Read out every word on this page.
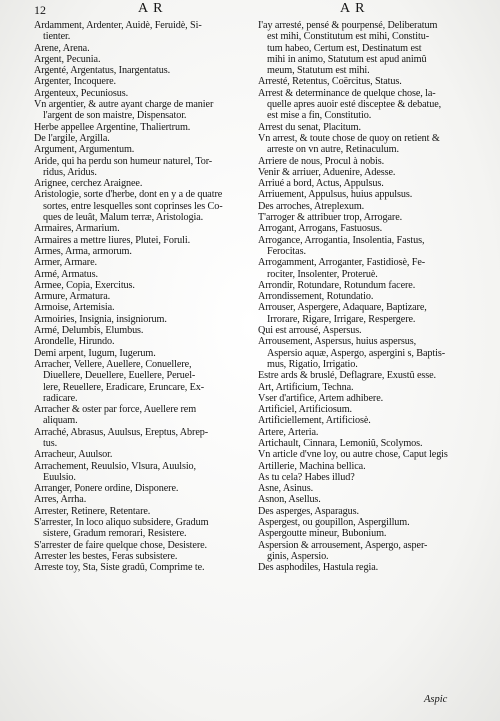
12	AR	AR
Ardamment, Ardenter, Auidè, Feruidè, Si-
tienter.
Arene, Arena.
Argent, Pecunia.
Argenté, Argentatus, Inargentatus.
Argenter, Incoquere.
Argenteux, Pecuniosus.
Vn argentier, & autre ayant charge de manier
l'argent de son maistre, Dispensator.
Herbe appellee Argentine, Thaliertrum.
De l'argile, Argilla.
Argument, Argumentum.
Aride, qui ha perdu son humeur naturel, Tor-
ridus, Aridus.
Arignee, cerchez Araignee.
Aristologie, sorte d'herbe, dont en y a de quatre
sortes, entre lesquelles sont coprinses les Co-
ques de leuât, Malum terræ, Aristologia.
Armaires, Armarium.
Armaires a mettre liures, Plutei, Foruli.
Armes, Arma, armorum.
Armer, Armare.
Armé, Armatus.
Armee, Copia, Exercitus.
Armure, Armatura.
Armoise, Artemisia.
Armoiries, Insignia, insigniorum.
Armé, Delumbis, Elumbus.
Arondelle, Hirundo.
Demi arpent, Iugum, Iugerum.
Arracher, Vellere, Auellere, Conuellere,
Diuellere, Deuellere, Euellere, Peruel-
lere, Reuellere, Eradicare, Eruncare, Ex-
radicare.
Arracher & oster par force, Auellere rem
aliquam.
Arraché, Abrasus, Auulsus, Ereptus, Abrep-
tus.
Arracheur, Auulsor.
Arrachement, Reuulsio, Vlsura, Auulsio,
Euulsio.
Arranger, Ponere ordine, Disponere.
Arres, Arrha.
Arrester, Retinere, Retentare.
S'arrester, In loco aliquo subsidere, Gradum
sistere, Gradum remorari, Resistere.
S'arrester de faire quelque chose, Desistere.
Arrester les bestes, Feras subsistere.
Arreste toy, Sta, Siste gradû, Comprime te.
I'ay arresté, pensé & pourpensé, Deliberatum
est mihi, Constitutum est mihi, Constitu-
tum habeo, Certum est, Destinatum est
mihi in animo, Statutum est apud animû
meum, Statutum est mihi.
Arresté, Retentus, Coërcitus, Status.
Arrest & determinance de quelque chose, la-
quelle apres auoir esté disceptee & debatue,
est mise a fin, Constitutio.
Arrest du senat, Placitum.
Vn arrest, & toute chose de quoy on retient &
arreste on vn autre, Retinaculum.
Arriere de nous, Procul à nobis.
Venir & arriuer, Aduenire, Adesse.
Arriué a bord, Actus, Appulsus.
Arriuement, Appulsus, huius appulsus.
Des arroches, Atreplexum.
T'arroger & attribuer trop, Arrogare.
Arrogant, Arrogans, Fastuosus.
Arrogance, Arrogantia, Insolentia, Fastus,
Ferocitas.
Arrogamment, Arroganter, Fastidiosè, Fe-
rociter, Insolenter, Proteruè.
Arrondir, Rotundare, Rotundum facere.
Arrondissement, Rotundatio.
Arrouser, Aspergere, Adaquare, Baptizare,
Irrorare, Rigare, Irrigare, Respergere.
Qui est arrousé, Aspersus.
Arrousement, Aspersus, huius aspersus,
Aspersio aquæ, Aspergo, aspergini s, Baptis-
mus, Rigatio, Irrigatio.
Estre ards & bruslé, Deflagrare, Exustû esse.
Art, Artificium, Techna.
Vser d'artifice, Artem adhibere.
Artificiel, Artificiosum.
Artificiellement, Artificiosè.
Artere, Arteria.
Artichault, Cinnara, Lemoniû, Scolymos.
Vn article d'vne loy, ou autre chose, Caput legis
Artillerie, Machina bellica.
As tu cela? Habes illud?
Asne, Asinus.
Asnon, Asellus.
Des asperges, Asparagus.
Aspergest, ou goupillon, Aspergillum.
Aspergoutte mineur, Bubonium.
Aspersion & arrousement, Aspergo, asper-
ginis, Aspersio.
Des asphodiles, Hastula regia.
Aspic
